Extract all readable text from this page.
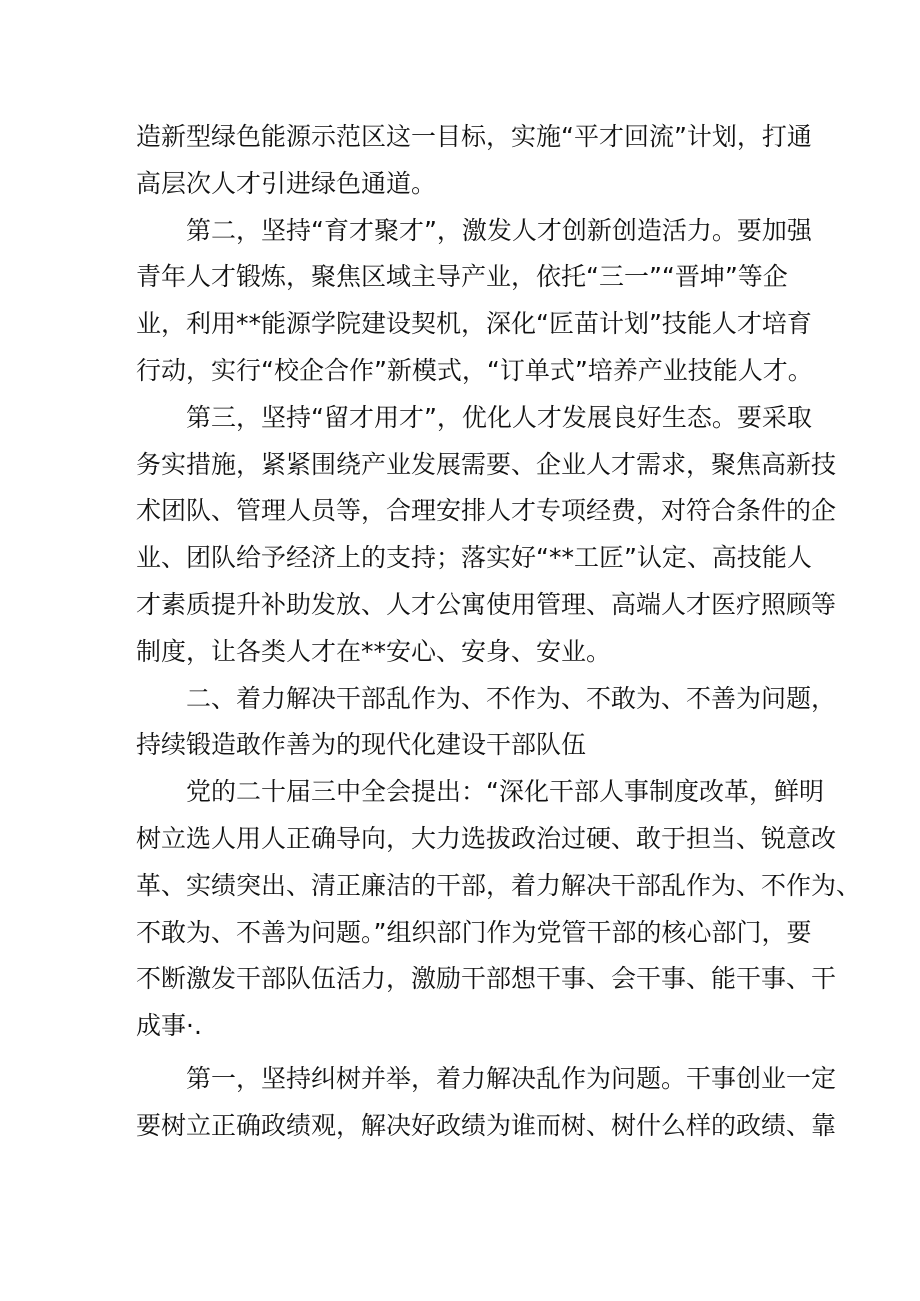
造新型绿色能源示范区这一目标，实施“平才回流”计划，打通
高层次人才引进绿色通道。
第二，坚持“育才聚才”，激发人才创新创造活力。要加强
青年人才锻炼，聚焦区域主导产业，依托“三一”“晋坤”等企
业，利用**能源学院建设契机，深化“匠苗计划”技能人才培育
行动，实行“校企合作”新模式，“订单式”培养产业技能人才。
第三，坚持“留才用才”，优化人才发展良好生态。要采取
务实措施，紧紧围绕产业发展需要、企业人才需求，聚焦高新技
术团队、管理人员等，合理安排人才专项经费，对符合条件的企
业、团队给予经济上的支持；落实好“**工匠”认定、高技能人
才素质提升补助发放、人才公寓使用管理、高端人才医疗照顾等
制度，让各类人才在**安心、安身、安业。
二、着力解决干部乱作为、不作为、不敢为、不善为问题，
持续锻造敢作善为的现代化建设干部队伍
党的二十届三中全会提出：“深化干部人事制度改革，鲜明
树立选人用人正确导向，大力选拔政治过硬、敢于担当、锐意改
革、实绩突出、清正廉洁的干部，着力解决干部乱作为、不作为、
不敢为、不善为问题。”组织部门作为党管干部的核心部门，要
不断激发干部队伍活力，激励干部想干事、会干事、能干事、干
成事·.
第一，坚持纠树并举，着力解决乱作为问题。干事创业一定
要树立正确政绩观，解决好政绩为谁而树、树什么样的政绩、靠
